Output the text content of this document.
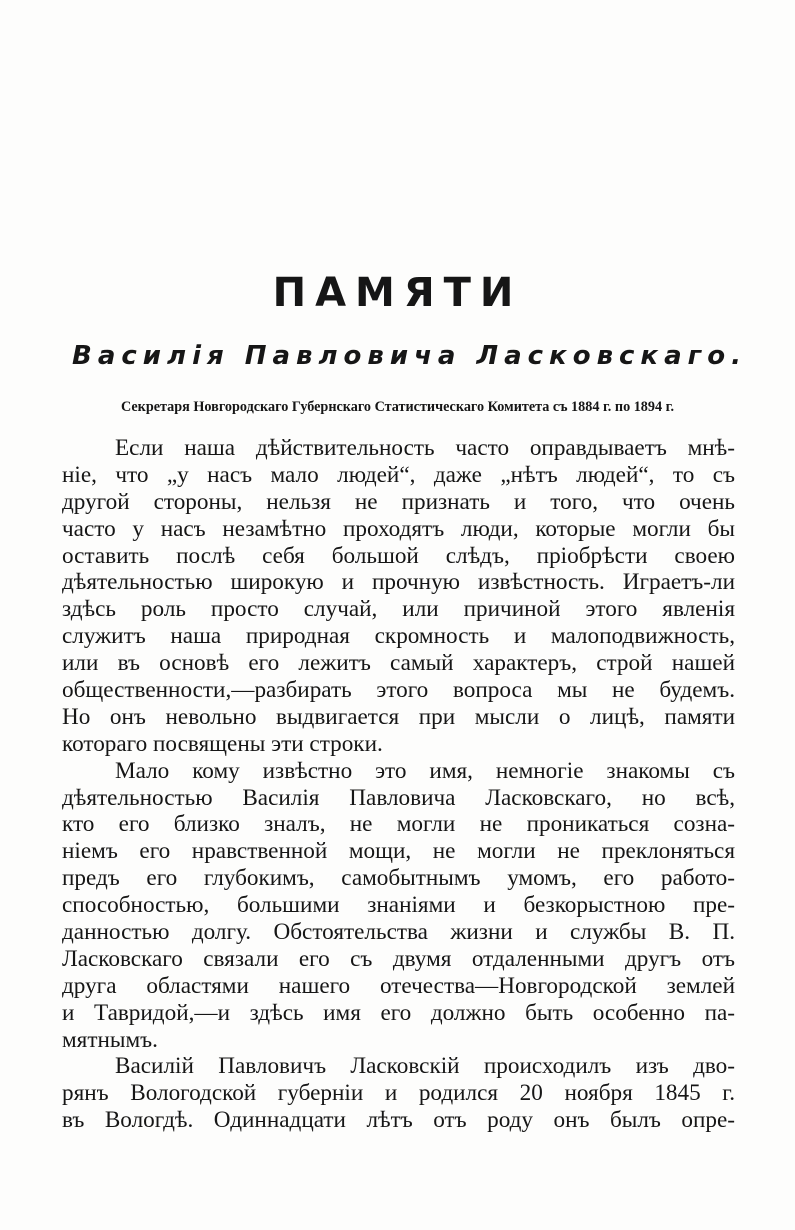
ПАМЯТИ
Василія Павловича Ласковскаго.
Секретаря Новгородскаго Губернскаго Статистическаго Комитета съ 1884 г. по 1894 г.

Если наша дѣйствительность часто оправдываетъ мнѣ-
ніе, что „у насъ мало людей“, даже „нѣтъ людей“, то съ
другой стороны, нельзя не признать и того, что очень
часто у насъ незамѣтно проходятъ люди, которые могли бы
оставить послѣ себя большой слѣдъ, пріобрѣсти своею
дѣятельностью широкую и прочную извѣстность. Играетъ-ли
здѣсь роль просто случай, или причиной этого явленія
служитъ наша природная скромность и малоподвижность,
или въ основѣ его лежитъ самый характеръ, строй нашей
общественности,—разбирать этого вопроса мы не будемъ.
Но онъ невольно выдвигается при мысли о лицѣ, памяти
котораго посвящены эти строки.

Мало кому извѣстно это имя, немногіе знакомы съ
дѣятельностью Василія Павловича Ласковскаго, но всѣ,
кто его близко зналъ, не могли не проникаться созна-
ніемъ его нравственной мощи, не могли не преклоняться
предъ его глубокимъ, самобытнымъ умомъ, его работо-
способностью, большими знаніями и безкорыстною пре-
данностью долгу. Обстоятельства жизни и службы В. П.
Ласковскаго связали его съ двумя отдаленными другъ отъ
друга областями нашего отечества—Новгородской землей
и Тавридой,—и здѣсь имя его должно быть особенно па-
мятнымъ.

Василій Павловичъ Ласковскій происходилъ изъ дво-
рянъ Вологодской губерніи и родился 20 ноября 1845 г.
въ Вологдѣ. Одиннадцати лѣтъ отъ роду онъ былъ опре-
